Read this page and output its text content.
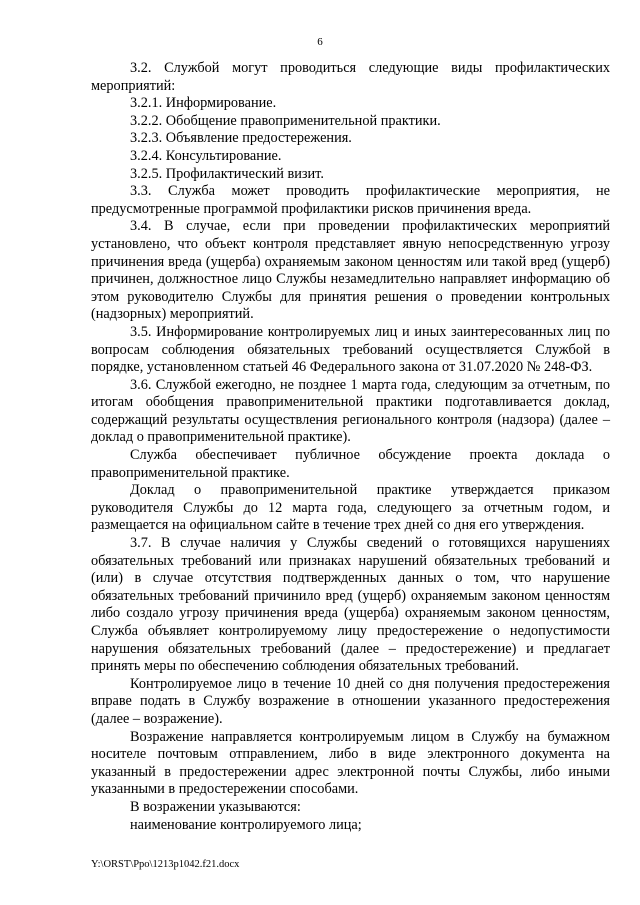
6

3.2. Службой могут проводиться следующие виды профилактических мероприятий:

3.2.1. Информирование.

3.2.2. Обобщение правоприменительной практики.

3.2.3. Объявление предостережения.

3.2.4. Консультирование.

3.2.5. Профилактический визит.

3.3. Служба может проводить профилактические мероприятия, не предусмотренные программой профилактики рисков причинения вреда.

3.4. В случае, если при проведении профилактических мероприятий установлено, что объект контроля представляет явную непосредственную угрозу причинения вреда (ущерба) охраняемым законом ценностям или такой вред (ущерб) причинен, должностное лицо Службы незамедлительно направляет информацию об этом руководителю Службы для принятия решения о проведении контрольных (надзорных) мероприятий.

3.5. Информирование контролируемых лиц и иных заинтересованных лиц по вопросам соблюдения обязательных требований осуществляется Службой в порядке, установленном статьей 46 Федерального закона от 31.07.2020 № 248-ФЗ.

3.6. Службой ежегодно, не позднее 1 марта года, следующим за отчетным, по итогам обобщения правоприменительной практики подготавливается доклад, содержащий результаты осуществления регионального контроля (надзора) (далее – доклад о правоприменительной практике).

Служба обеспечивает публичное обсуждение проекта доклада о правоприменительной практике.

Доклад о правоприменительной практике утверждается приказом руководителя Службы до 12 марта года, следующего за отчетным годом, и размещается на официальном сайте в течение трех дней со дня его утверждения.

3.7. В случае наличия у Службы сведений о готовящихся нарушениях обязательных требований или признаках нарушений обязательных требований и (или) в случае отсутствия подтвержденных данных о том, что нарушение обязательных требований причинило вред (ущерб) охраняемым законом ценностям либо создало угрозу причинения вреда (ущерба) охраняемым законом ценностям, Служба объявляет контролируемому лицу предостережение о недопустимости нарушения обязательных требований (далее – предостережение) и предлагает принять меры по обеспечению соблюдения обязательных требований.

Контролируемое лицо в течение 10 дней со дня получения предостережения вправе подать в Службу возражение в отношении указанного предостережения (далее – возражение).

Возражение направляется контролируемым лицом в Службу на бумажном носителе почтовым отправлением, либо в виде электронного документа на указанный в предостережении адрес электронной почты Службы, либо иными указанными в предостережении способами.

В возражении указываются:

наименование контролируемого лица;

Y:\ORST\Ppo\1213p1042.f21.docx
